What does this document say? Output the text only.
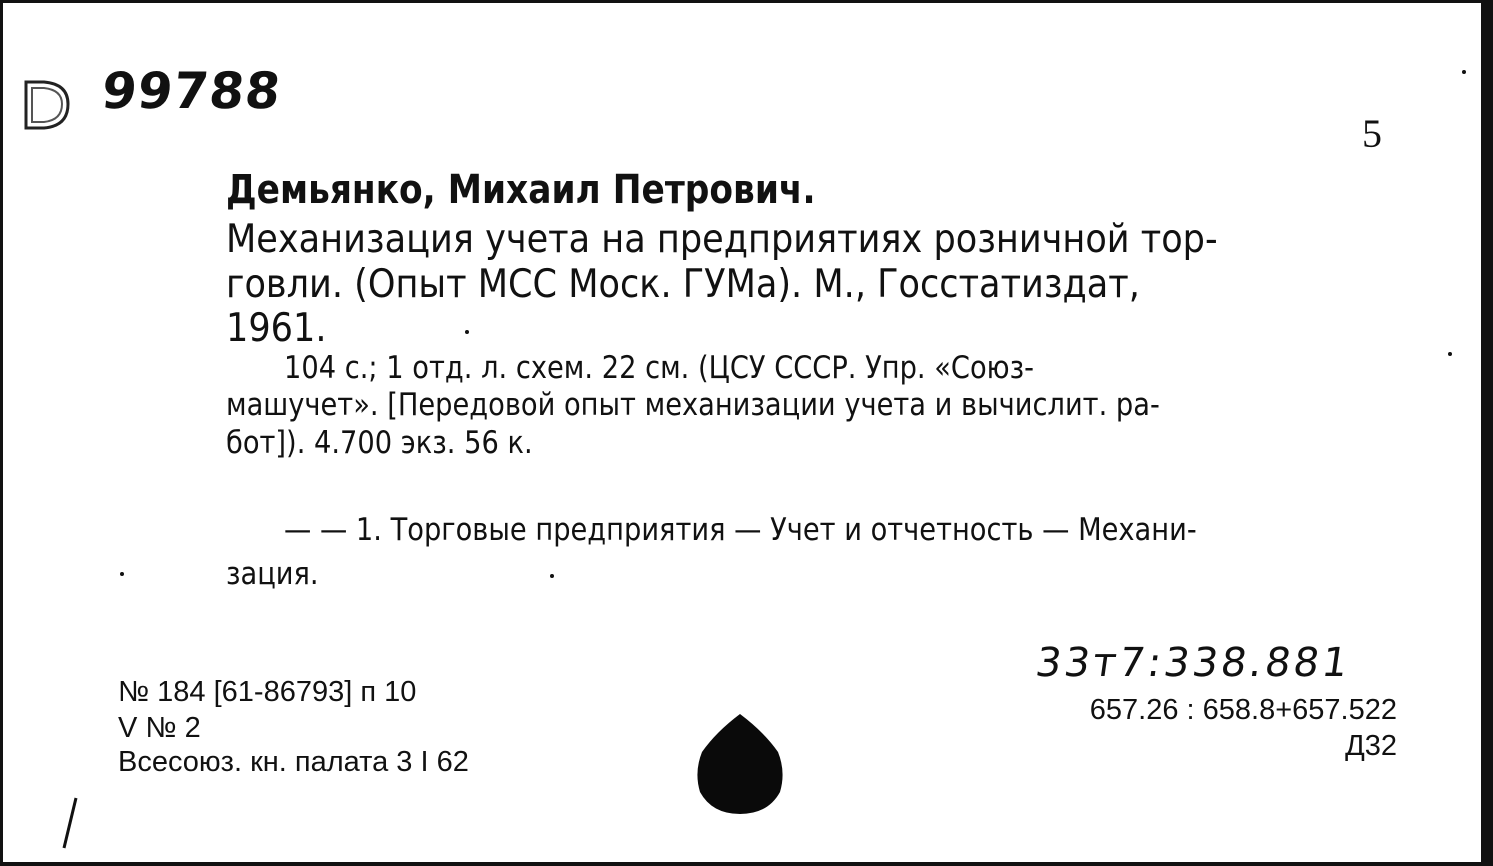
D 99788
5
Демьянко, Михаил Петрович.
Механизация учета на предприятиях розничной тор-
говли. (Опыт МСС Моск. ГУМа). М., Госстатиздат,
1961.
104 с.; 1 отд. л. схем. 22 см. (ЦСУ СССР. Упр. «Союз-
машучет». [Передовой опыт механизации учета и вычислит. ра-
бот]). 4.700 экз. 56 к.
— — 1. Торговые предприятия — Учет и отчетность — Механи-
зация.
№ 184 [61-86793] п 10
V № 2
Всесоюз. кн. палата 3 I 62
33т7:338.881
657.26 : 658.8+657.522
Д32
